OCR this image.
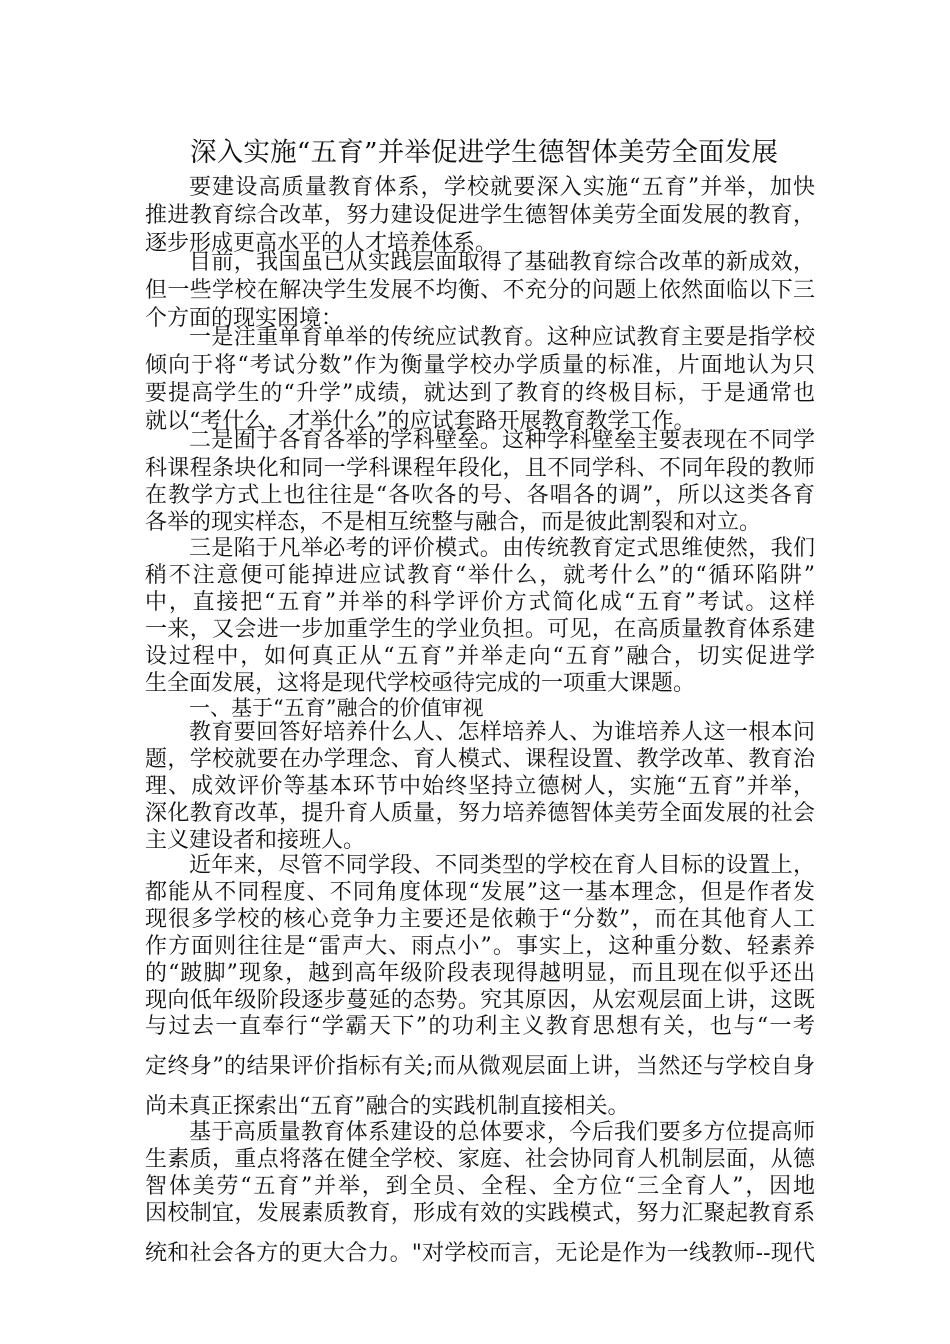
深入实施“五育”并举促进学生德智体美劳全面发展
要建设高质量教育体系，学校就要深入实施“五育”并举，加快
推进教育综合改革，努力建设促进学生德智体美劳全面发展的教育，
逐步形成更高水平的人才培养体系。
目前，我国虽已从实践层面取得了基础教育综合改革的新成效，
但一些学校在解决学生发展不均衡、不充分的问题上依然面临以下三
个方面的现实困境：
一是注重单育单举的传统应试教育。这种应试教育主要是指学校
倾向于将“考试分数”作为衡量学校办学质量的标准，片面地认为只
要提高学生的“升学”成绩，就达到了教育的终极目标，于是通常也
就以“考什么，才举什么”的应试套路开展教育教学工作。
二是囿于各育各举的学科壁垒。这种学科壁垒主要表现在不同学
科课程条块化和同一学科课程年段化，且不同学科、不同年段的教师
在教学方式上也往往是“各吹各的号、各唱各的调”，所以这类各育
各举的现实样态，不是相互统整与融合，而是彼此割裂和对立。
三是陷于凡举必考的评价模式。由传统教育定式思维使然，我们
稍不注意便可能掉进应试教育“举什么，就考什么”的“循环陷阱”
中，直接把“五育”并举的科学评价方式简化成“五育”考试。这样
一来，又会进一步加重学生的学业负担。可见，在高质量教育体系建
设过程中，如何真正从“五育”并举走向“五育”融合，切实促进学
生全面发展，这将是现代学校亟待完成的一项重大课题。
一、基于“五育”融合的价值审视
教育要回答好培养什么人、怎样培养人、为谁培养人这一根本问
题，学校就要在办学理念、育人模式、课程设置、教学改革、教育治
理、成效评价等基本环节中始终坚持立德树人，实施“五育”并举，
深化教育改革，提升育人质量，努力培养德智体美劳全面发展的社会
主义建设者和接班人。
近年来，尽管不同学段、不同类型的学校在育人目标的设置上，
都能从不同程度、不同角度体现“发展”这一基本理念，但是作者发
现很多学校的核心竞争力主要还是依赖于“分数”，而在其他育人工
作方面则往往是“雷声大、雨点小”。事实上，这种重分数、轻素养
的“跛脚”现象，越到高年级阶段表现得越明显，而且现在似乎还出
现向低年级阶段逐步蔓延的态势。究其原因，从宏观层面上讲，这既
与过去一直奉行“学霸天下”的功利主义教育思想有关，也与“一考
定终身”的结果评价指标有关;而从微观层面上讲，当然还与学校自身
尚未真正探索出“五育”融合的实践机制直接相关。
基于高质量教育体系建设的总体要求，今后我们要多方位提高师
生素质，重点将落在健全学校、家庭、社会协同育人机制层面，从德
智体美劳“五育”并举，到全员、全程、全方位“三全育人”，因地
因校制宜，发展素质教育，形成有效的实践模式，努力汇聚起教育系
统和社会各方的更大合力。"对学校而言，无论是作为一线教师--现代
